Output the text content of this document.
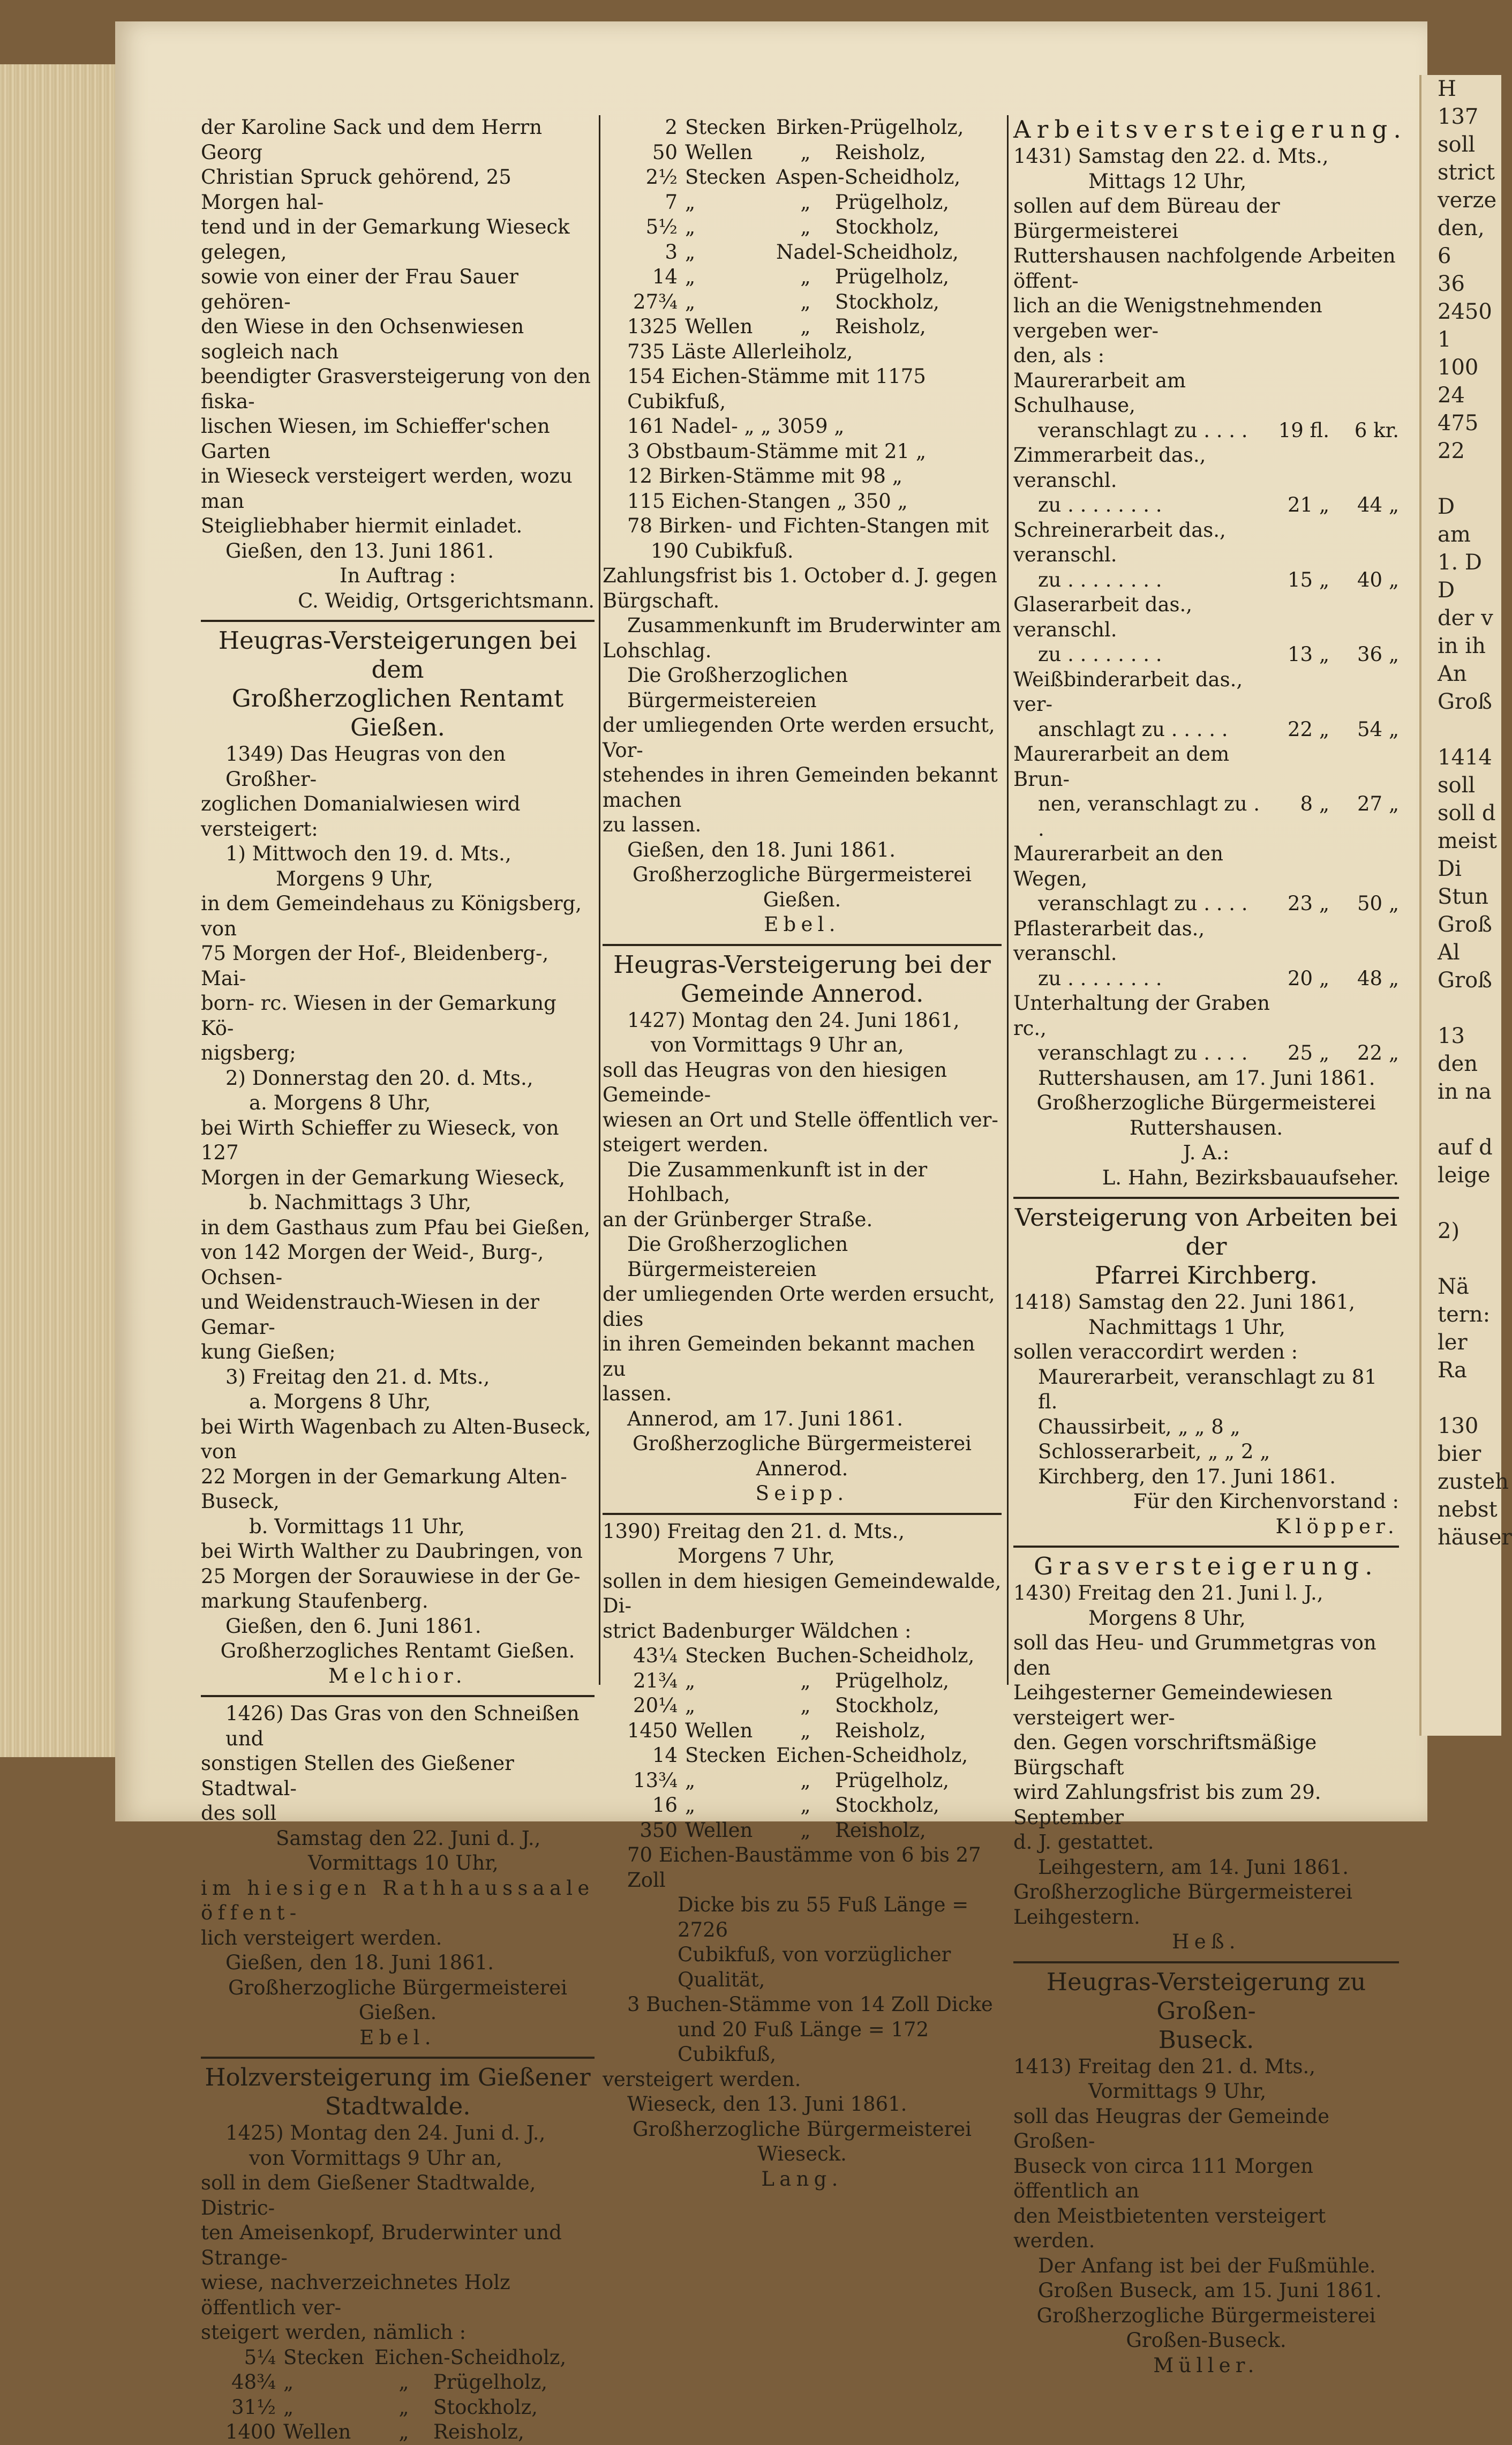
der Karoline Sack und dem Herrn Georg

Christian Spruck gehörend, 25 Morgen hal-

tend und in der Gemarkung Wieseck gelegen,

sowie von einer der Frau Sauer gehören-

den Wiese in den Ochsenwiesen sogleich nach

beendigter Grasversteigerung von den fiska-

lischen Wiesen, im Schieffer'schen Garten

in Wieseck versteigert werden, wozu man

Steigliebhaber hiermit einladet.

Gießen, den 13. Juni 1861.

In Auftrag :

C. Weidig, Ortsgerichtsmann.

Heugras-Versteigerungen bei dem

Großherzoglichen Rentamt Gießen.

1349) Das Heugras von den Großher-

zoglichen Domanialwiesen wird versteigert:

1) Mittwoch den 19. d. Mts.,

Morgens 9 Uhr,

in dem Gemeindehaus zu Königsberg, von

75 Morgen der Hof-, Bleidenberg-, Mai-

born- rc. Wiesen in der Gemarkung Kö-

nigsberg;

2) Donnerstag den 20. d. Mts.,

a. Morgens 8 Uhr,

bei Wirth Schieffer zu Wieseck, von 127

Morgen in der Gemarkung Wieseck,

b. Nachmittags 3 Uhr,

in dem Gasthaus zum Pfau bei Gießen,

von 142 Morgen der Weid-, Burg-, Ochsen-

und Weidenstrauch-Wiesen in der Gemar-

kung Gießen;

3) Freitag den 21. d. Mts.,

a. Morgens 8 Uhr,

bei Wirth Wagenbach zu Alten-Buseck, von

22 Morgen in der Gemarkung Alten-Buseck,

b. Vormittags 11 Uhr,

bei Wirth Walther zu Daubringen, von

25 Morgen der Sorauwiese in der Ge-

markung Staufenberg.

Gießen, den 6. Juni 1861.

Großherzogliches Rentamt Gießen.

Melchior.

1426) Das Gras von den Schneißen und

sonstigen Stellen des Gießener Stadtwal-

des soll

Samstag den 22. Juni d. J.,

Vormittags 10 Uhr,

im hiesigen Rathhaussaale öffent-

lich versteigert werden.

Gießen, den 18. Juni 1861.

Großherzogliche Bürgermeisterei Gießen.

Ebel.

Holzversteigerung im Gießener

Stadtwalde.

1425) Montag den 24. Juni d. J.,

von Vormittags 9 Uhr an,

soll in dem Gießener Stadtwalde, Distric-

ten Ameisenkopf, Bruderwinter und Strange-

wiese, nachverzeichnetes Holz öffentlich ver-

steigert werden, nämlich :

5¼ Stecken Eichen-Scheidholz,
48¾ „	„	Prügelholz,
31½ „	„	Stockholz,
1400 Wellen	„	Reisholz,
2 Stecken Birken-Prügelholz,
50 Wellen	„	Reisholz,
2½ Stecken Aspen-Scheidholz,
7 „	„	Prügelholz,
5½ „	„	Stockholz,
3 „	Nadel-Scheidholz,
14 „	„	Prügelholz,
27¾ „	„	Stockholz,
1325 Wellen	„	Reisholz,

735 Läste Allerleiholz,

154 Eichen-Stämme mit 1175 Cubikfuß,

161 Nadel- „ „ 3059 „

3 Obstbaum-Stämme mit 21 „

12 Birken-Stämme mit 98 „

115 Eichen-Stangen „ 350 „

78 Birken- und Fichten-Stangen mit

190 Cubikfuß.

Zahlungsfrist bis 1. October d. J. gegen

Bürgschaft.

Zusammenkunft im Bruderwinter am

Lohschlag.

Die Großherzoglichen Bürgermeistereien

der umliegenden Orte werden ersucht, Vor-

stehendes in ihren Gemeinden bekannt machen

zu lassen.

Gießen, den 18. Juni 1861.

Großherzogliche Bürgermeisterei Gießen.

Ebel.

Heugras-Versteigerung bei der

Gemeinde Annerod.

1427) Montag den 24. Juni 1861,

von Vormittags 9 Uhr an,

soll das Heugras von den hiesigen Gemeinde-

wiesen an Ort und Stelle öffentlich ver-

steigert werden.

Die Zusammenkunft ist in der Hohlbach,

an der Grünberger Straße.

Die Großherzoglichen Bürgermeistereien

der umliegenden Orte werden ersucht, dies

in ihren Gemeinden bekannt machen zu

lassen.

Annerod, am 17. Juni 1861.

Großherzogliche Bürgermeisterei Annerod.

Seipp.

1390) Freitag den 21. d. Mts.,

Morgens 7 Uhr,

sollen in dem hiesigen Gemeindewalde, Di-

strict Badenburger Wäldchen :

43¼ Stecken Buchen-Scheidholz,
21¾ „	„	Prügelholz,
20¼ „	„	Stockholz,
1450 Wellen	„	Reisholz,
14 Stecken Eichen-Scheidholz,
13¾ „	„	Prügelholz,
16 „	„	Stockholz,
350 Wellen	„	Reisholz,

70 Eichen-Baustämme von 6 bis 27 Zoll

Dicke bis zu 55 Fuß Länge = 2726

Cubikfuß, von vorzüglicher Qualität,

3 Buchen-Stämme von 14 Zoll Dicke

und 20 Fuß Länge = 172 Cubikfuß,

versteigert werden.

Wieseck, den 13. Juni 1861.

Großherzogliche Bürgermeisterei Wieseck.

Lang.

Arbeitsversteigerung.

1431) Samstag den 22. d. Mts.,

Mittags 12 Uhr,

sollen auf dem Büreau der Bürgermeisterei

Ruttershausen nachfolgende Arbeiten öffent-

lich an die Wenigstnehmenden vergeben wer-

den, als :

Maurerarbeit am Schulhause,
veranschlagt zu . . . .	19 fl.	6 kr.
Zimmerarbeit das., veranschl.
zu . . . . . . . .	21 „	44 „
Schreinerarbeit das., veranschl.
zu . . . . . . . .	15 „	40 „
Glaserarbeit das., veranschl.
zu . . . . . . . .	13 „	36 „
Weißbinderarbeit das., ver-
anschlagt zu . . . . .	22 „	54 „
Maurerarbeit an dem Brun-
nen, veranschlagt zu . .
8 „	27 „
Maurerarbeit an den Wegen,
veranschlagt zu . . . .	23 „	50 „
Pflasterarbeit das., veranschl.
zu . . . . . . . .	20 „	48 „
Unterhaltung der Graben rc.,
veranschlagt zu . . . .	25 „	22 „

Ruttershausen, am 17. Juni 1861.

Großherzogliche Bürgermeisterei

Ruttershausen.

J. A.:

L. Hahn, Bezirksbauaufseher.

Versteigerung von Arbeiten bei der

Pfarrei Kirchberg.

1418) Samstag den 22. Juni 1861,

Nachmittags 1 Uhr,

sollen veraccordirt werden :

Maurerarbeit, veranschlagt zu 81 fl.

Chaussirbeit, „ „ 8 „

Schlosserarbeit, „ „ 2 „

Kirchberg, den 17. Juni 1861.

Für den Kirchenvorstand :

Klöpper.

Grasversteigerung.

1430) Freitag den 21. Juni l. J.,

Morgens 8 Uhr,

soll das Heu- und Grummetgras von den

Leihgesterner Gemeindewiesen versteigert wer-

den. Gegen vorschriftsmäßige Bürgschaft

wird Zahlungsfrist bis zum 29. September

d. J. gestattet.

Leihgestern, am 14. Juni 1861.

Großherzogliche Bürgermeisterei Leihgestern.

Heß.

Heugras-Versteigerung zu Großen-

Buseck.

1413) Freitag den 21. d. Mts.,

Vormittags 9 Uhr,

soll das Heugras der Gemeinde Großen-

Buseck von circa 111 Morgen öffentlich an

den Meistbietenten versteigert werden.

Der Anfang ist bei der Fußmühle.

Großen Buseck, am 15. Juni 1861.

Großherzogliche Bürgermeisterei

Großen-Buseck.

Müller.

H
137
soll
strict
verze
den,
6
36
2450
1
100
24
475
22

D
am
1. D
D
der v
in ih
An
Groß

1414
soll
soll d
meist
Di
Stun
Groß
Al
Groß

13
den
in na

auf d
leige

2)

Nä
tern:
ler
Ra

130
bier
zusteh
nebst
häuser
